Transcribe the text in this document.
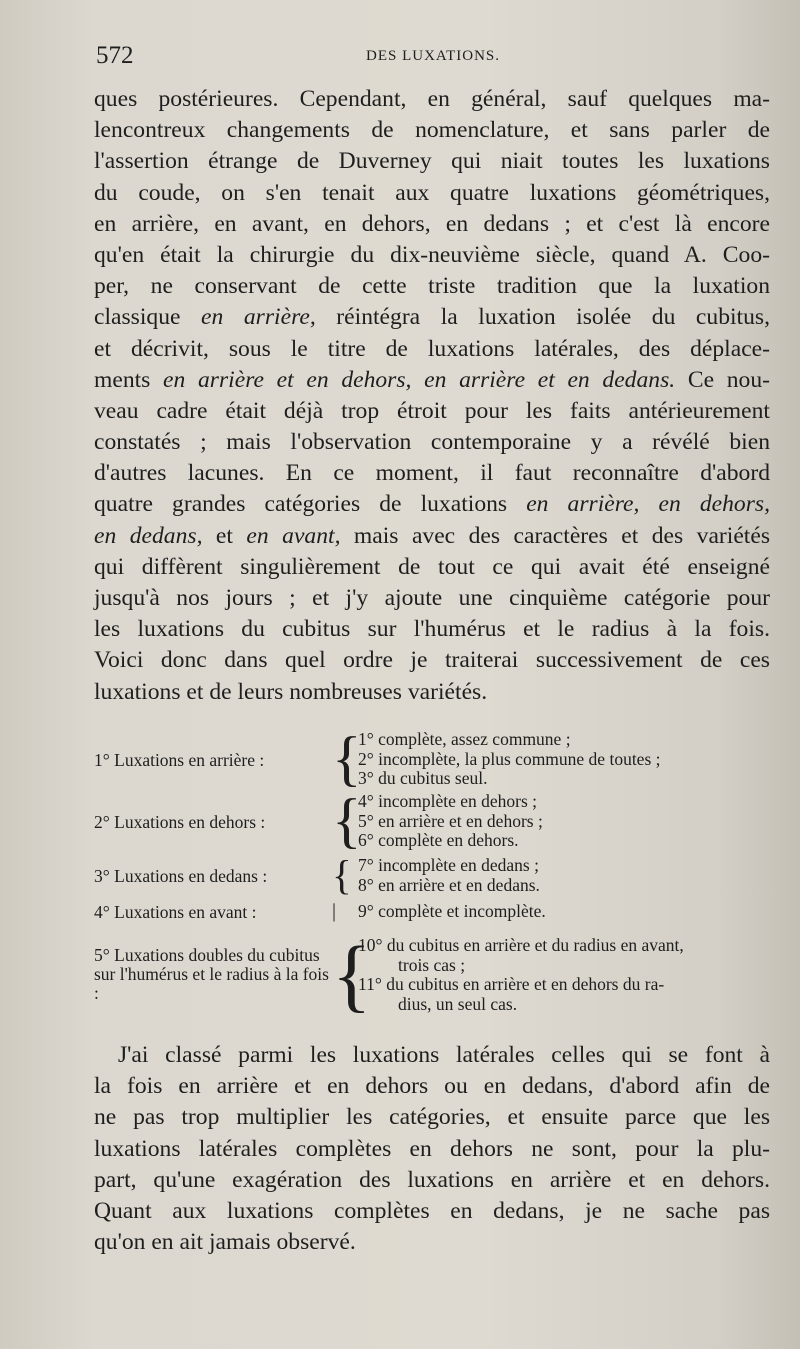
572	DES LUXATIONS.
ques postérieures. Cependant, en général, sauf quelques ma-
lencontreux changements de nomenclature, et sans parler de
l'assertion étrange de Duverney qui niait toutes les luxations
du coude, on s'en tenait aux quatre luxations géométriques,
en arrière, en avant, en dehors, en dedans ; et c'est là encore
qu'en était la chirurgie du dix-neuvième siècle, quand A. Coo-
per, ne conservant de cette triste tradition que la luxation
classique en arrière, réintégra la luxation isolée du cubitus,
et décrivit, sous le titre de luxations latérales, des déplace-
ments en arrière et en dehors, en arrière et en dedans. Ce nou-
veau cadre était déjà trop étroit pour les faits antérieurement
constatés ; mais l'observation contemporaine y a révélé bien
d'autres lacunes. En ce moment, il faut reconnaître d'abord
quatre grandes catégories de luxations en arrière, en dehors,
en dedans, et en avant, mais avec des caractères et des variétés
qui diffèrent singulièrement de tout ce qui avait été enseigné
jusqu'à nos jours ; et j'y ajoute une cinquième catégorie pour
les luxations du cubitus sur l'humérus et le radius à la fois.
Voici donc dans quel ordre je traiterai successivement de ces
luxations et de leurs nombreuses variétés.
1° Luxations en arrière :	{
1° complète, assez commune ;
2° incomplète, la plus commune de toutes ;
3° du cubitus seul.
2° Luxations en dehors :	{
4° incomplète en dehors ;
5° en arrière et en dehors ;
6° complète en dehors.
3° Luxations en dedans :	{ 7° incomplète en dedans ;
8° en arrière et en dedans.
4° Luxations en avant :	| 9° complète et incomplète.
5° Luxations doubles du cubitus sur l'humérus et le radius à la fois :	{
10° du cubitus en arrière et du radius en avant,
trois cas ;
11° du cubitus en arrière et en dehors du ra-
dius, un seul cas.
J'ai classé parmi les luxations latérales celles qui se font à
la fois en arrière et en dehors ou en dedans, d'abord afin de
ne pas trop multiplier les catégories, et ensuite parce que les
luxations latérales complètes en dehors ne sont, pour la plu-
part, qu'une exagération des luxations en arrière et en dehors.
Quant aux luxations complètes en dedans, je ne sache pas
qu'on en ait jamais observé.
